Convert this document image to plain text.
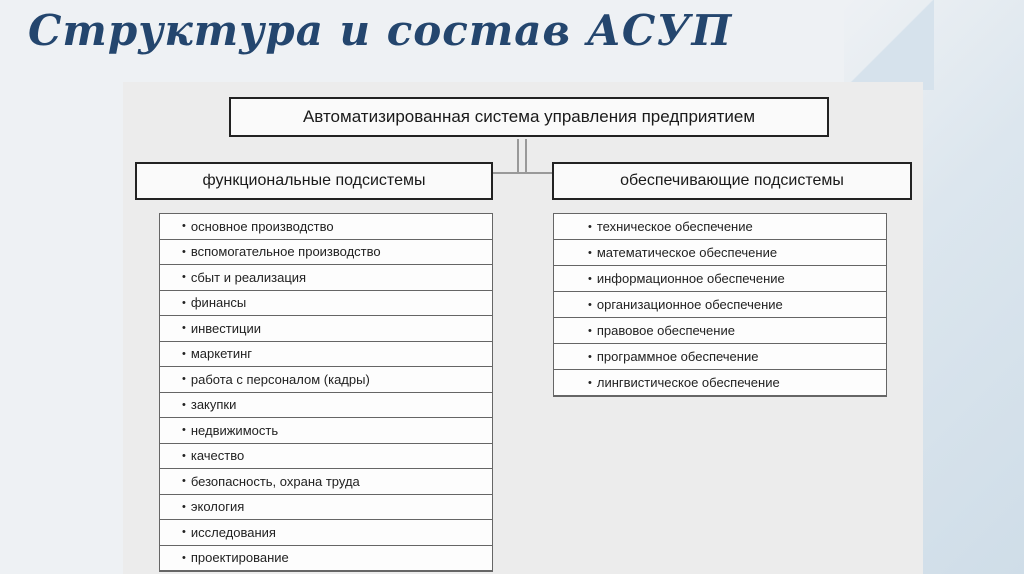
Структура и состав АСУП
Автоматизированная система управления предприятием
функциональные подсистемы	обеспечивающие подсистемы
• основное производство
• вспомогательное производство
• сбыт и реализация
• финансы
• инвестиции
• маркетинг
• работа с персоналом (кадры)
• закупки
• недвижимость
• качество
• безопасность, охрана труда
• экология
• исследования
• проектирование
• техническое обеспечение
• математическое обеспечение
• информационное обеспечение
• организационное обеспечение
• правовое обеспечение
• программное обеспечение
• лингвистическое обеспечение
